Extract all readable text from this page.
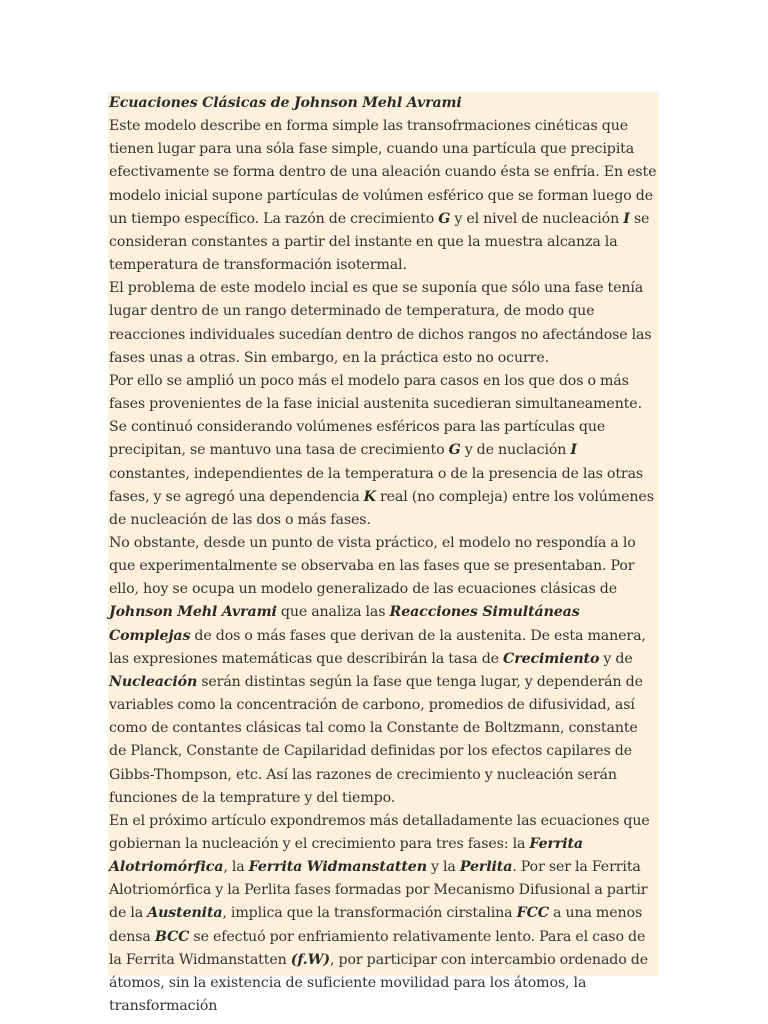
Ecuaciones Clásicas de Johnson Mehl Avrami

Este modelo describe en forma simple las transofrmaciones cinéticas que tienen lugar para una sóla fase simple, cuando una partícula que precipita efectivamente se forma dentro de una aleación cuando ésta se enfría. En este modelo inicial supone partículas de volúmen esférico que se forman luego de un tiempo específico. La razón de crecimiento G y el nivel de nucleación I se consideran constantes a partir del instante en que la muestra alcanza la temperatura de transformación isotermal.

El problema de este modelo incial es que se suponía que sólo una fase tenía lugar dentro de un rango determinado de temperatura, de modo que reacciones individuales sucedían dentro de dichos rangos no afectándose las fases unas a otras. Sin embargo, en la práctica esto no ocurre.

Por ello se amplió un poco más el modelo para casos en los que dos o más fases provenientes de la fase inicial austenita sucedieran simultaneamente. Se continuó considerando volúmenes esféricos para las partículas que precipitan, se mantuvo una tasa de crecimiento G y de nuclación I constantes, independientes de la temperatura o de la presencia de las otras fases, y se agregó una dependencia K real (no compleja) entre los volúmenes de nucleación de las dos o más fases.

No obstante, desde un punto de vista práctico, el modelo no respondía a lo que experimentalmente se observaba en las fases que se presentaban. Por ello, hoy se ocupa un modelo generalizado de las ecuaciones clásicas de Johnson Mehl Avrami que analiza las Reacciones Simultáneas Complejas de dos o más fases que derivan de la austenita. De esta manera, las expresiones matemáticas que describirán la tasa de Crecimiento y de Nucleación serán distintas según la fase que tenga lugar, y dependerán de variables como la concentración de carbono, promedios de difusividad, así como de contantes clásicas tal como la Constante de Boltzmann, constante de Planck, Constante de Capilaridad definidas por los efectos capilares de Gibbs-Thompson, etc. Así las razones de crecimiento y nucleación serán funciones de la temprature y del tiempo.

En el próximo artículo expondremos más detalladamente las ecuaciones que gobiernan la nucleación y el crecimiento para tres fases: la Ferrita Alotriomórfica, la Ferrita Widmanstatten y la Perlita. Por ser la Ferrita Alotriomórfica y la Perlita fases formadas por Mecanismo Difusional a partir de la Austenita, implica que la transformación cirstalina FCC a una menos densa BCC se efectuó por enfriamiento relativamente lento. Para el caso de la Ferrita Widmanstatten (f.W), por participar con intercambio ordenado de átomos, sin la existencia de suficiente movilidad para los átomos, la transformación
